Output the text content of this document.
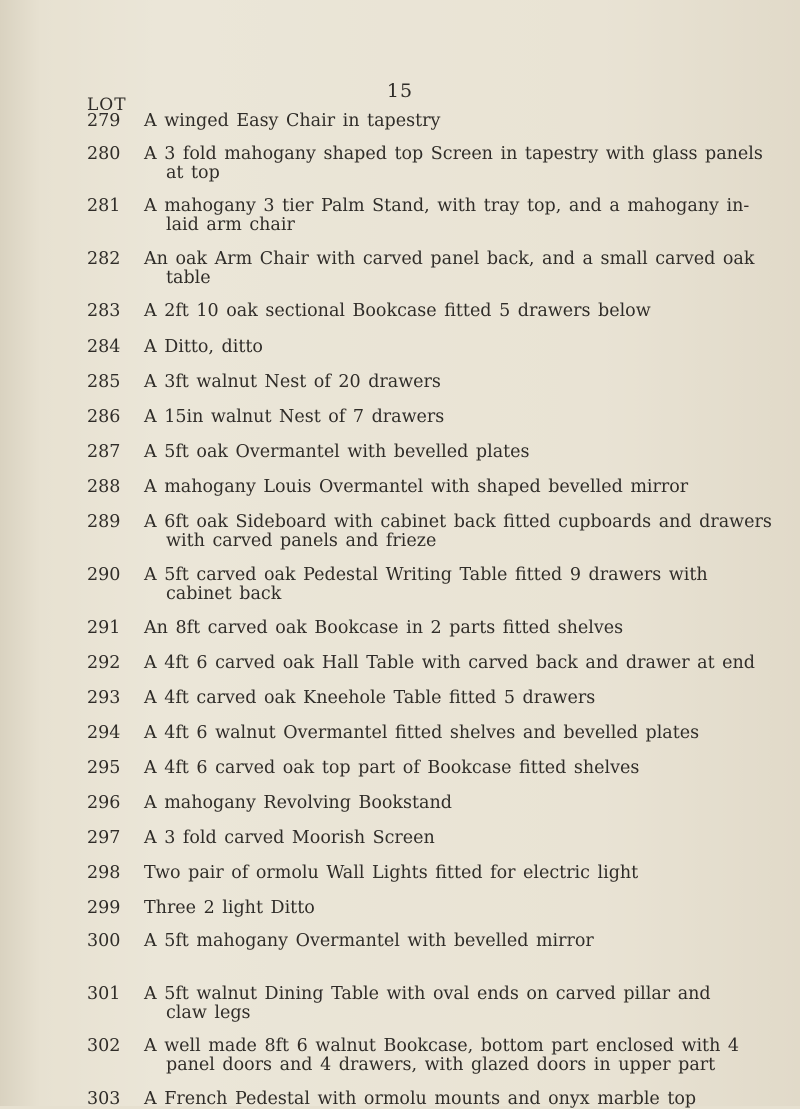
15
LOT
279	A winged Easy Chair in tapestry
280	A 3 fold mahogany shaped top Screen in tapestry with glass panels
at top
281	A mahogany 3 tier Palm Stand, with tray top, and a mahogany in-
laid arm chair
282	An oak Arm Chair with carved panel back, and a small carved oak
table
283	A 2ft 10 oak sectional Bookcase fitted 5 drawers below
284	A Ditto, ditto
285	A 3ft walnut Nest of 20 drawers
286	A 15in walnut Nest of 7 drawers
287	A 5ft oak Overmantel with bevelled plates
288	A mahogany Louis Overmantel with shaped bevelled mirror
289	A 6ft oak Sideboard with cabinet back fitted cupboards and drawers
with carved panels and frieze
290	A 5ft carved oak Pedestal Writing Table fitted 9 drawers with
cabinet back
291	An 8ft carved oak Bookcase in 2 parts fitted shelves
292	A 4ft 6 carved oak Hall Table with carved back and drawer at end
293	A 4ft carved oak Kneehole Table fitted 5 drawers
294	A 4ft 6 walnut Overmantel fitted shelves and bevelled plates
295	A 4ft 6 carved oak top part of Bookcase fitted shelves
296	A mahogany Revolving Bookstand
297	A 3 fold carved Moorish Screen
298	Two pair of ormolu Wall Lights fitted for electric light
299	Three 2 light Ditto
300	A 5ft mahogany Overmantel with bevelled mirror
301	A 5ft walnut Dining Table with oval ends on carved pillar and
claw legs
302	A well made 8ft 6 walnut Bookcase, bottom part enclosed with 4
panel doors and 4 drawers, with glazed doors in upper part
303	A French Pedestal with ormolu mounts and onyx marble top
